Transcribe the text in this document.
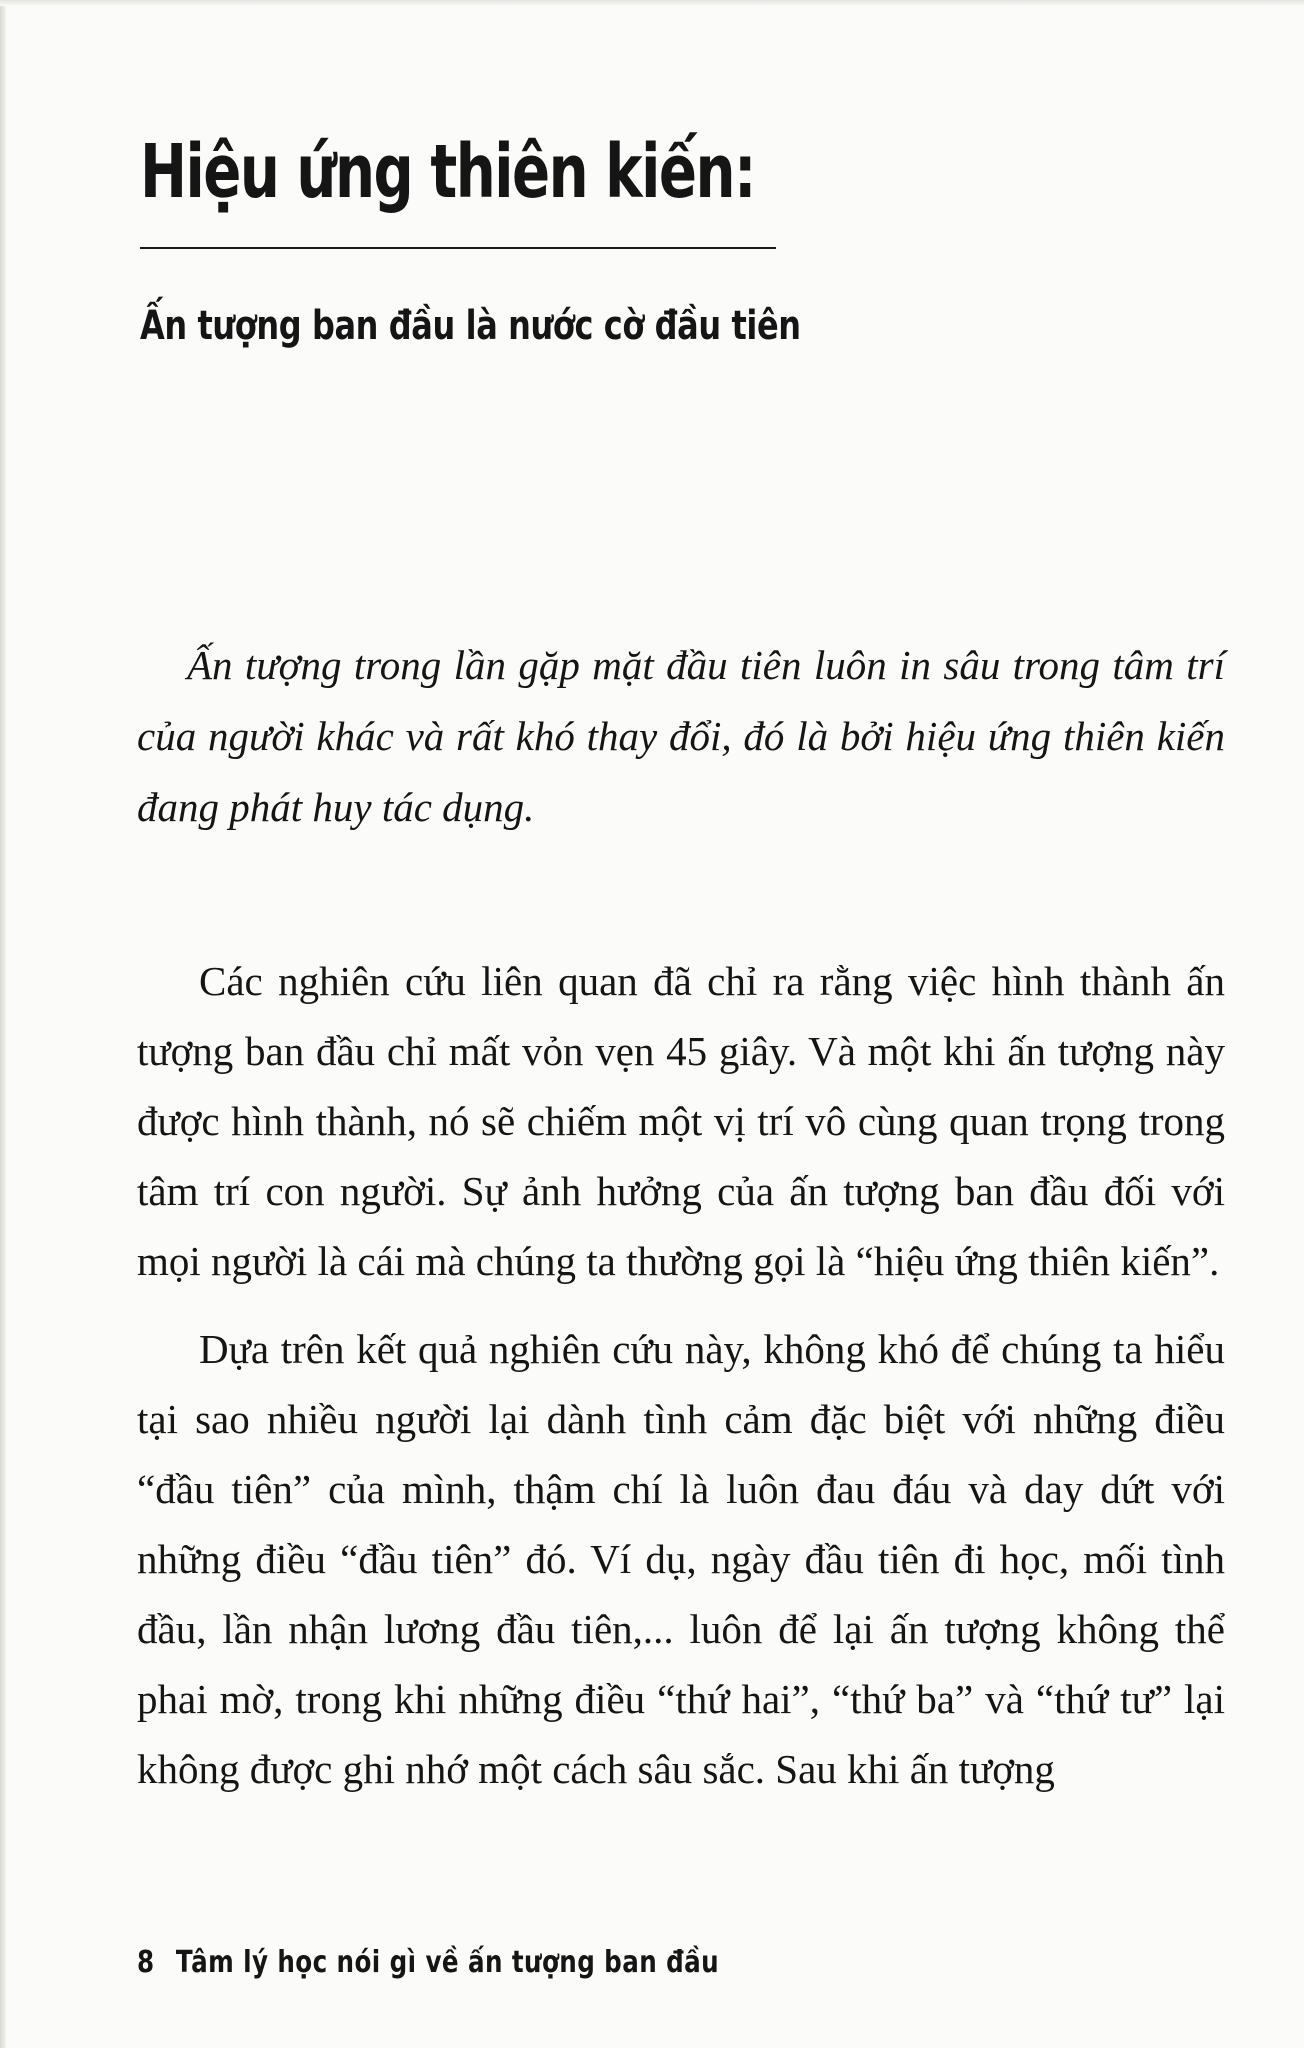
Hiệu ứng thiên kiến:
Ấn tượng ban đầu là nước cờ đầu tiên

Ấn tượng trong lần gặp mặt đầu tiên luôn in sâu trong tâm trí của người khác và rất khó thay đổi, đó là bởi hiệu ứng thiên kiến đang phát huy tác dụng.

Các nghiên cứu liên quan đã chỉ ra rằng việc hình thành ấn tượng ban đầu chỉ mất vỏn vẹn 45 giây. Và một khi ấn tượng này được hình thành, nó sẽ chiếm một vị trí vô cùng quan trọng trong tâm trí con người. Sự ảnh hưởng của ấn tượng ban đầu đối với mọi người là cái mà chúng ta thường gọi là “hiệu ứng thiên kiến”.

Dựa trên kết quả nghiên cứu này, không khó để chúng ta hiểu tại sao nhiều người lại dành tình cảm đặc biệt với những điều “đầu tiên” của mình, thậm chí là luôn đau đáu và day dứt với những điều “đầu tiên” đó. Ví dụ, ngày đầu tiên đi học, mối tình đầu, lần nhận lương đầu tiên,... luôn để lại ấn tượng không thể phai mờ, trong khi những điều “thứ hai”, “thứ ba” và “thứ tư” lại không được ghi nhớ một cách sâu sắc. Sau khi ấn tượng

8 Tâm lý học nói gì về ấn tượng ban đầu
